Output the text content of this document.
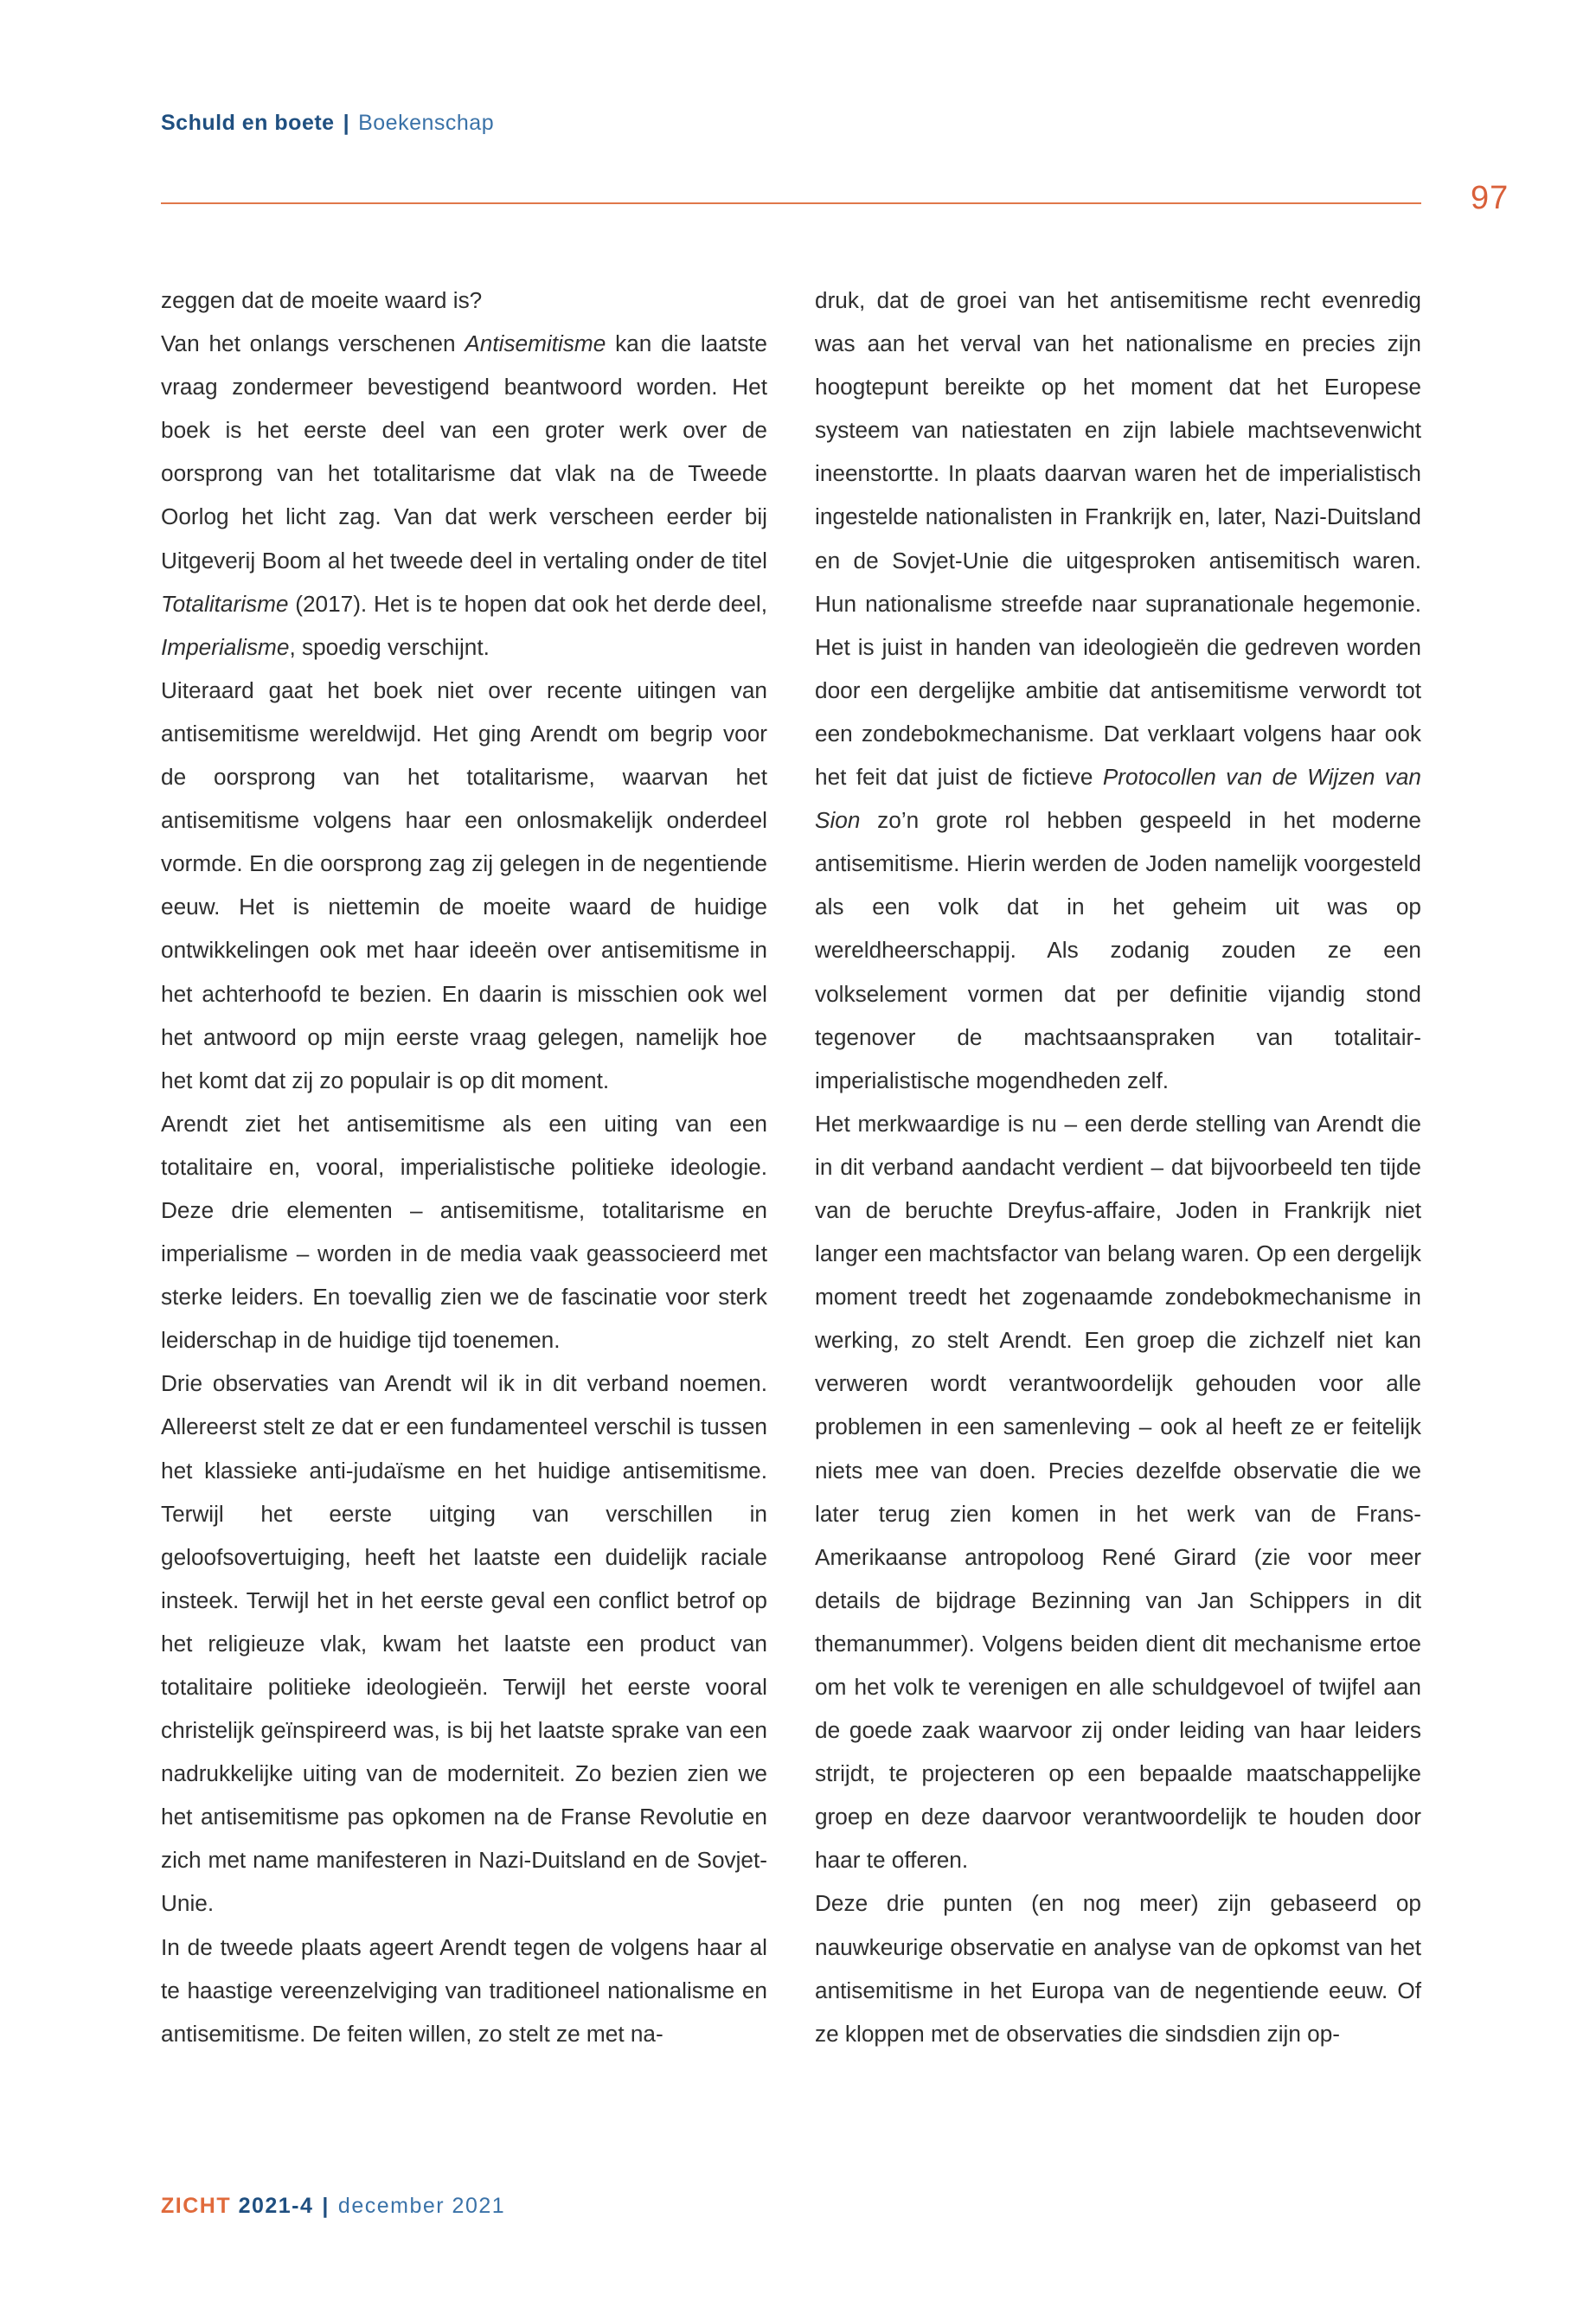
Schuld en boete | Boekenschap
97

zeggen dat de moeite waard is?

Van het onlangs verschenen Antisemitisme kan die laatste vraag zondermeer bevestigend beantwoord worden. Het boek is het eerste deel van een groter werk over de oorsprong van het totalitarisme dat vlak na de Tweede Oorlog het licht zag. Van dat werk verscheen eerder bij Uitgeverij Boom al het tweede deel in vertaling onder de titel Totalitarisme (2017). Het is te hopen dat ook het derde deel, Imperialisme, spoedig verschijnt.

Uiteraard gaat het boek niet over recente uitingen van antisemitisme wereldwijd. Het ging Arendt om begrip voor de oorsprong van het totalitarisme, waarvan het antisemitisme volgens haar een onlosmakelijk onderdeel vormde. En die oorsprong zag zij gelegen in de negentiende eeuw. Het is niettemin de moeite waard de huidige ontwikkelingen ook met haar ideeën over antisemitisme in het achterhoofd te bezien. En daarin is misschien ook wel het antwoord op mijn eerste vraag gelegen, namelijk hoe het komt dat zij zo populair is op dit moment.

Arendt ziet het antisemitisme als een uiting van een totalitaire en, vooral, imperialistische politieke ideologie. Deze drie elementen – antisemitisme, totalitarisme en imperialisme – worden in de media vaak geassocieerd met sterke leiders. En toevallig zien we de fascinatie voor sterk leiderschap in de huidige tijd toenemen.

Drie observaties van Arendt wil ik in dit verband noemen. Allereerst stelt ze dat er een fundamenteel verschil is tussen het klassieke anti-judaïsme en het huidige antisemitisme. Terwijl het eerste uitging van verschillen in geloofsovertuiging, heeft het laatste een duidelijk raciale insteek. Terwijl het in het eerste geval een conflict betrof op het religieuze vlak, kwam het laatste een product van totalitaire politieke ideologieën. Terwijl het eerste vooral christelijk geïnspireerd was, is bij het laatste sprake van een nadrukkelijke uiting van de moderniteit. Zo bezien zien we het antisemitisme pas opkomen na de Franse Revolutie en zich met name manifesteren in Nazi-Duitsland en de Sovjet-Unie.

In de tweede plaats ageert Arendt tegen de volgens haar al te haastige vereenzelviging van traditioneel nationalisme en antisemitisme. De feiten willen, zo stelt ze met na-

druk, dat de groei van het antisemitisme recht evenredig was aan het verval van het nationalisme en precies zijn hoogtepunt bereikte op het moment dat het Europese systeem van natiestaten en zijn labiele machtsevenwicht ineenstortte. In plaats daarvan waren het de imperialistisch ingestelde nationalisten in Frankrijk en, later, Nazi-Duitsland en de Sovjet-Unie die uitgesproken antisemitisch waren. Hun nationalisme streefde naar supranationale hegemonie. Het is juist in handen van ideologieën die gedreven worden door een dergelijke ambitie dat antisemitisme verwordt tot een zondebokmechanisme. Dat verklaart volgens haar ook het feit dat juist de fictieve Protocollen van de Wijzen van Sion zo’n grote rol hebben gespeeld in het moderne antisemitisme. Hierin werden de Joden namelijk voorgesteld als een volk dat in het geheim uit was op wereldheerschappij. Als zodanig zouden ze een volkselement vormen dat per definitie vijandig stond tegenover de machtsaanspraken van totalitair-imperialistische mogendheden zelf.

Het merkwaardige is nu – een derde stelling van Arendt die in dit verband aandacht verdient – dat bijvoorbeeld ten tijde van de beruchte Dreyfus-affaire, Joden in Frankrijk niet langer een machtsfactor van belang waren. Op een dergelijk moment treedt het zogenaamde zondebokmechanisme in werking, zo stelt Arendt. Een groep die zichzelf niet kan verweren wordt verantwoordelijk gehouden voor alle problemen in een samenleving – ook al heeft ze er feitelijk niets mee van doen. Precies dezelfde observatie die we later terug zien komen in het werk van de Frans-Amerikaanse antropoloog René Girard (zie voor meer details de bijdrage Bezinning van Jan Schippers in dit themanummer). Volgens beiden dient dit mechanisme ertoe om het volk te verenigen en alle schuldgevoel of twijfel aan de goede zaak waarvoor zij onder leiding van haar leiders strijdt, te projecteren op een bepaalde maatschappelijke groep en deze daarvoor verantwoordelijk te houden door haar te offeren.

Deze drie punten (en nog meer) zijn gebaseerd op nauwkeurige observatie en analyse van de opkomst van het antisemitisme in het Europa van de negentiende eeuw. Of ze kloppen met de observaties die sindsdien zijn op-

ZICHT 2021-4 | december 2021
